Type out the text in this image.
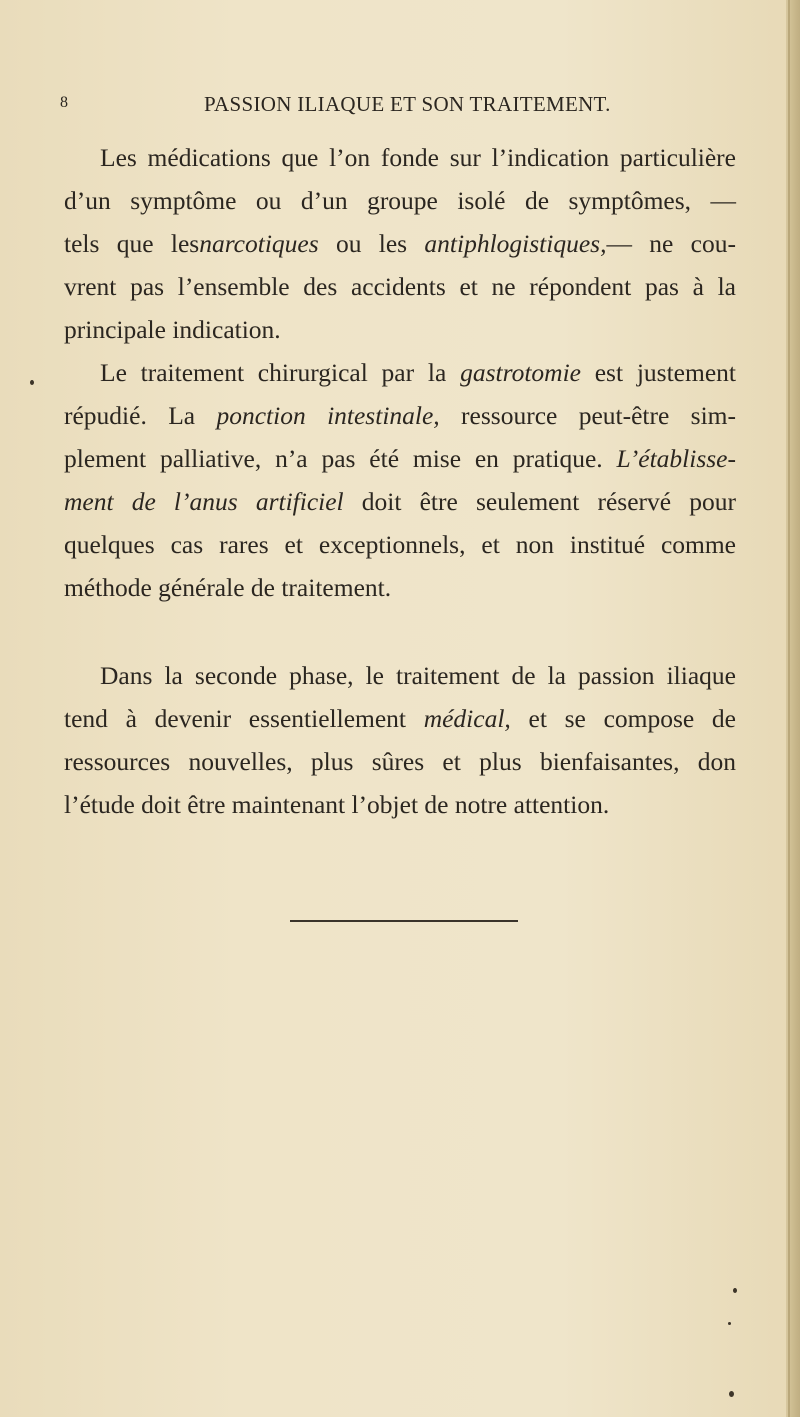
8	PASSION ILIAQUE ET SON TRAITEMENT.
Les médications que l’on fonde sur l’indication particulière
d’un symptôme ou d’un groupe isolé de symptômes, —
tels que lesnarcotiques ou les antiphlogistiques,— ne cou-
vrent pas l’ensemble des accidents et ne répondent pas à la
principale indication.
Le traitement chirurgical par la gastrotomie est justement
répudié. La ponction intestinale, ressource peut-être sim-
plement palliative, n’a pas été mise en pratique. L’établisse-
ment de l’anus artificiel doit être seulement réservé pour
quelques cas rares et exceptionnels, et non institué comme
méthode générale de traitement.
Dans la seconde phase, le traitement de la passion iliaque
tend à devenir essentiellement médical, et se compose de
ressources nouvelles, plus sûres et plus bienfaisantes, don
l’étude doit être maintenant l’objet de notre attention.
